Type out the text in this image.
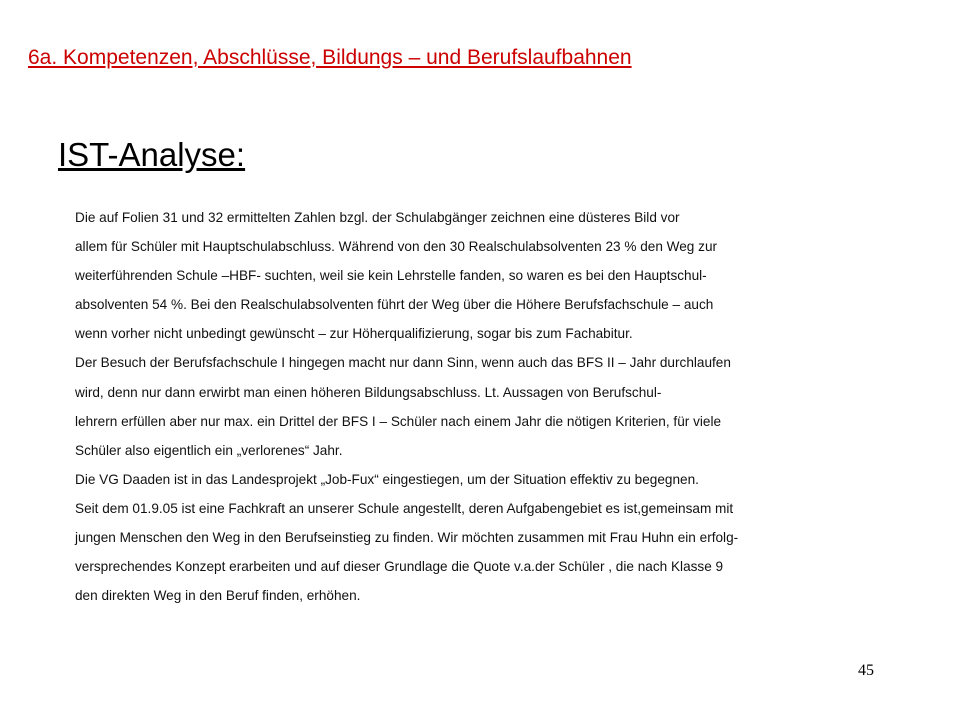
6a. Kompetenzen, Abschlüsse, Bildungs – und Berufslaufbahnen
IST-Analyse:
Die auf Folien 31 und 32 ermittelten Zahlen bzgl. der Schulabgänger zeichnen eine düsteres Bild vor
allem für Schüler mit Hauptschulabschluss. Während von den 30 Realschulabsolventen 23 % den Weg zur
weiterführenden Schule –HBF- suchten, weil sie kein Lehrstelle fanden, so waren es bei den Hauptschul-
absolventen 54 %. Bei den Realschulabsolventen führt der Weg über die Höhere Berufsfachschule – auch
wenn vorher nicht unbedingt gewünscht – zur Höherqualifizierung, sogar bis zum Fachabitur.
Der Besuch der Berufsfachschule I hingegen macht nur dann Sinn, wenn auch das BFS II – Jahr durchlaufen
wird, denn nur dann erwirbt man einen höheren Bildungsabschluss. Lt. Aussagen von Berufschul-
lehrern erfüllen aber nur max. ein Drittel der BFS I – Schüler nach einem Jahr die nötigen Kriterien, für viele
Schüler also eigentlich ein „verlorenes“ Jahr.
Die VG Daaden ist in das Landesprojekt „Job-Fux“ eingestiegen, um der Situation effektiv zu begegnen.
Seit dem 01.9.05 ist eine Fachkraft an unserer Schule angestellt, deren Aufgabengebiet es ist,gemeinsam mit
jungen Menschen den Weg in den Berufseinstieg zu finden. Wir möchten zusammen mit Frau Huhn ein erfolg-
versprechendes Konzept erarbeiten und auf dieser Grundlage die Quote v.a.der Schüler , die nach Klasse 9
den direkten Weg in den Beruf finden, erhöhen.
45
